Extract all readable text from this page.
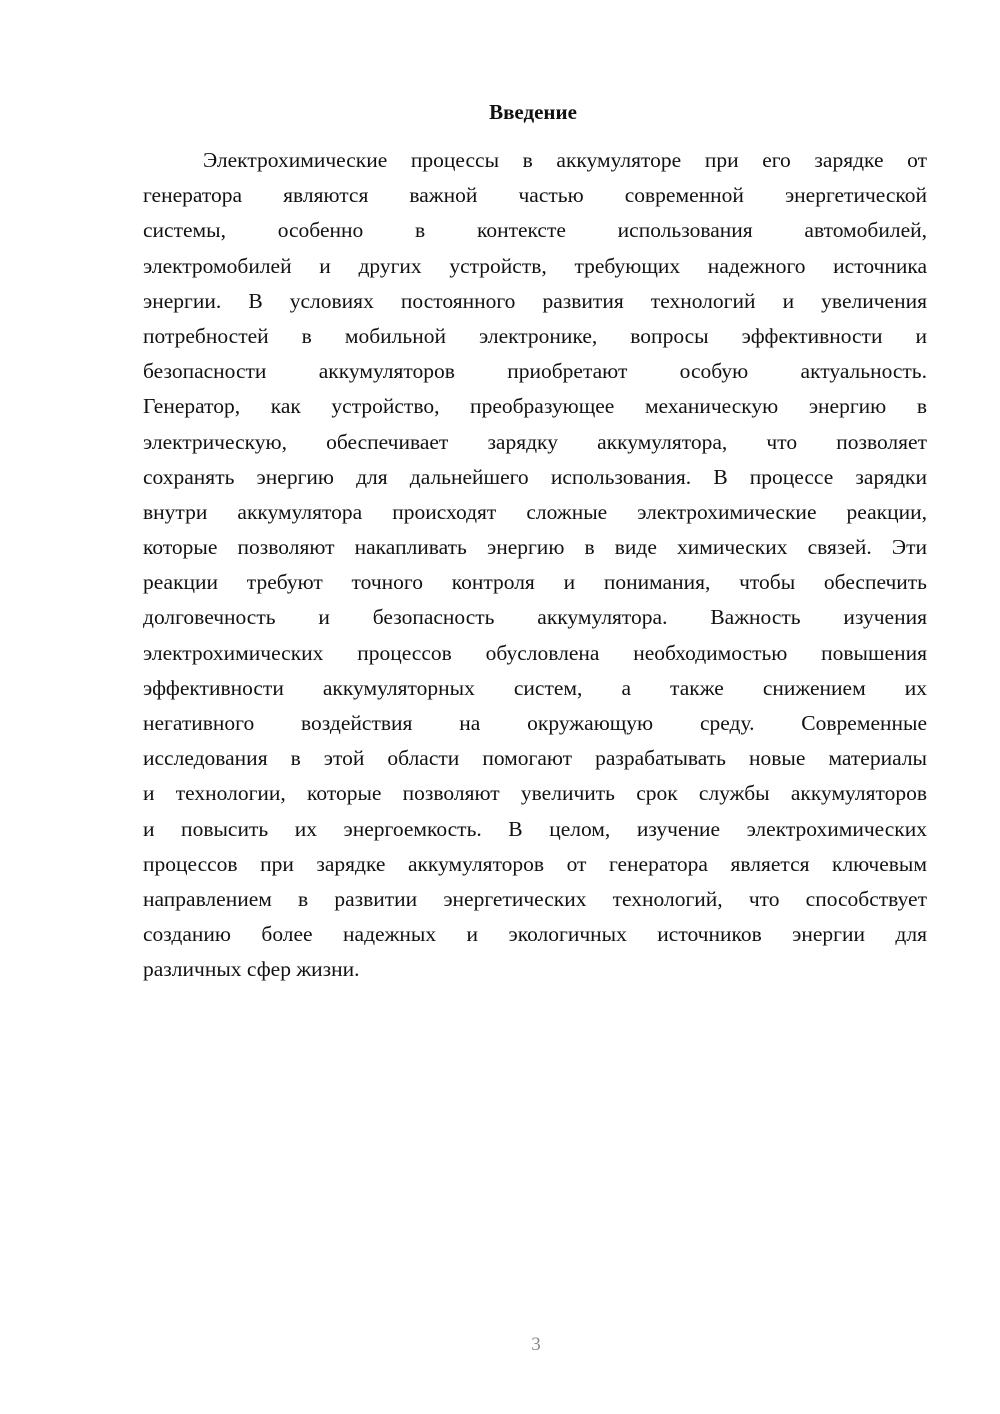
Введение
Электрохимические процессы в аккумуляторе при его зарядке от
генератора являются важной частью современной энергетической
системы, особенно в контексте использования автомобилей,
электромобилей и других устройств, требующих надежного источника
энергии. В условиях постоянного развития технологий и увеличения
потребностей в мобильной электронике, вопросы эффективности и
безопасности аккумуляторов приобретают особую актуальность.
Генератор, как устройство, преобразующее механическую энергию в
электрическую, обеспечивает зарядку аккумулятора, что позволяет
сохранять энергию для дальнейшего использования. В процессе зарядки
внутри аккумулятора происходят сложные электрохимические реакции,
которые позволяют накапливать энергию в виде химических связей. Эти
реакции требуют точного контроля и понимания, чтобы обеспечить
долговечность и безопасность аккумулятора. Важность изучения
электрохимических процессов обусловлена необходимостью повышения
эффективности аккумуляторных систем, а также снижением их
негативного воздействия на окружающую среду. Современные
исследования в этой области помогают разрабатывать новые материалы
и технологии, которые позволяют увеличить срок службы аккумуляторов
и повысить их энергоемкость. В целом, изучение электрохимических
процессов при зарядке аккумуляторов от генератора является ключевым
направлением в развитии энергетических технологий, что способствует
созданию более надежных и экологичных источников энергии для
различных сфер жизни.
3
